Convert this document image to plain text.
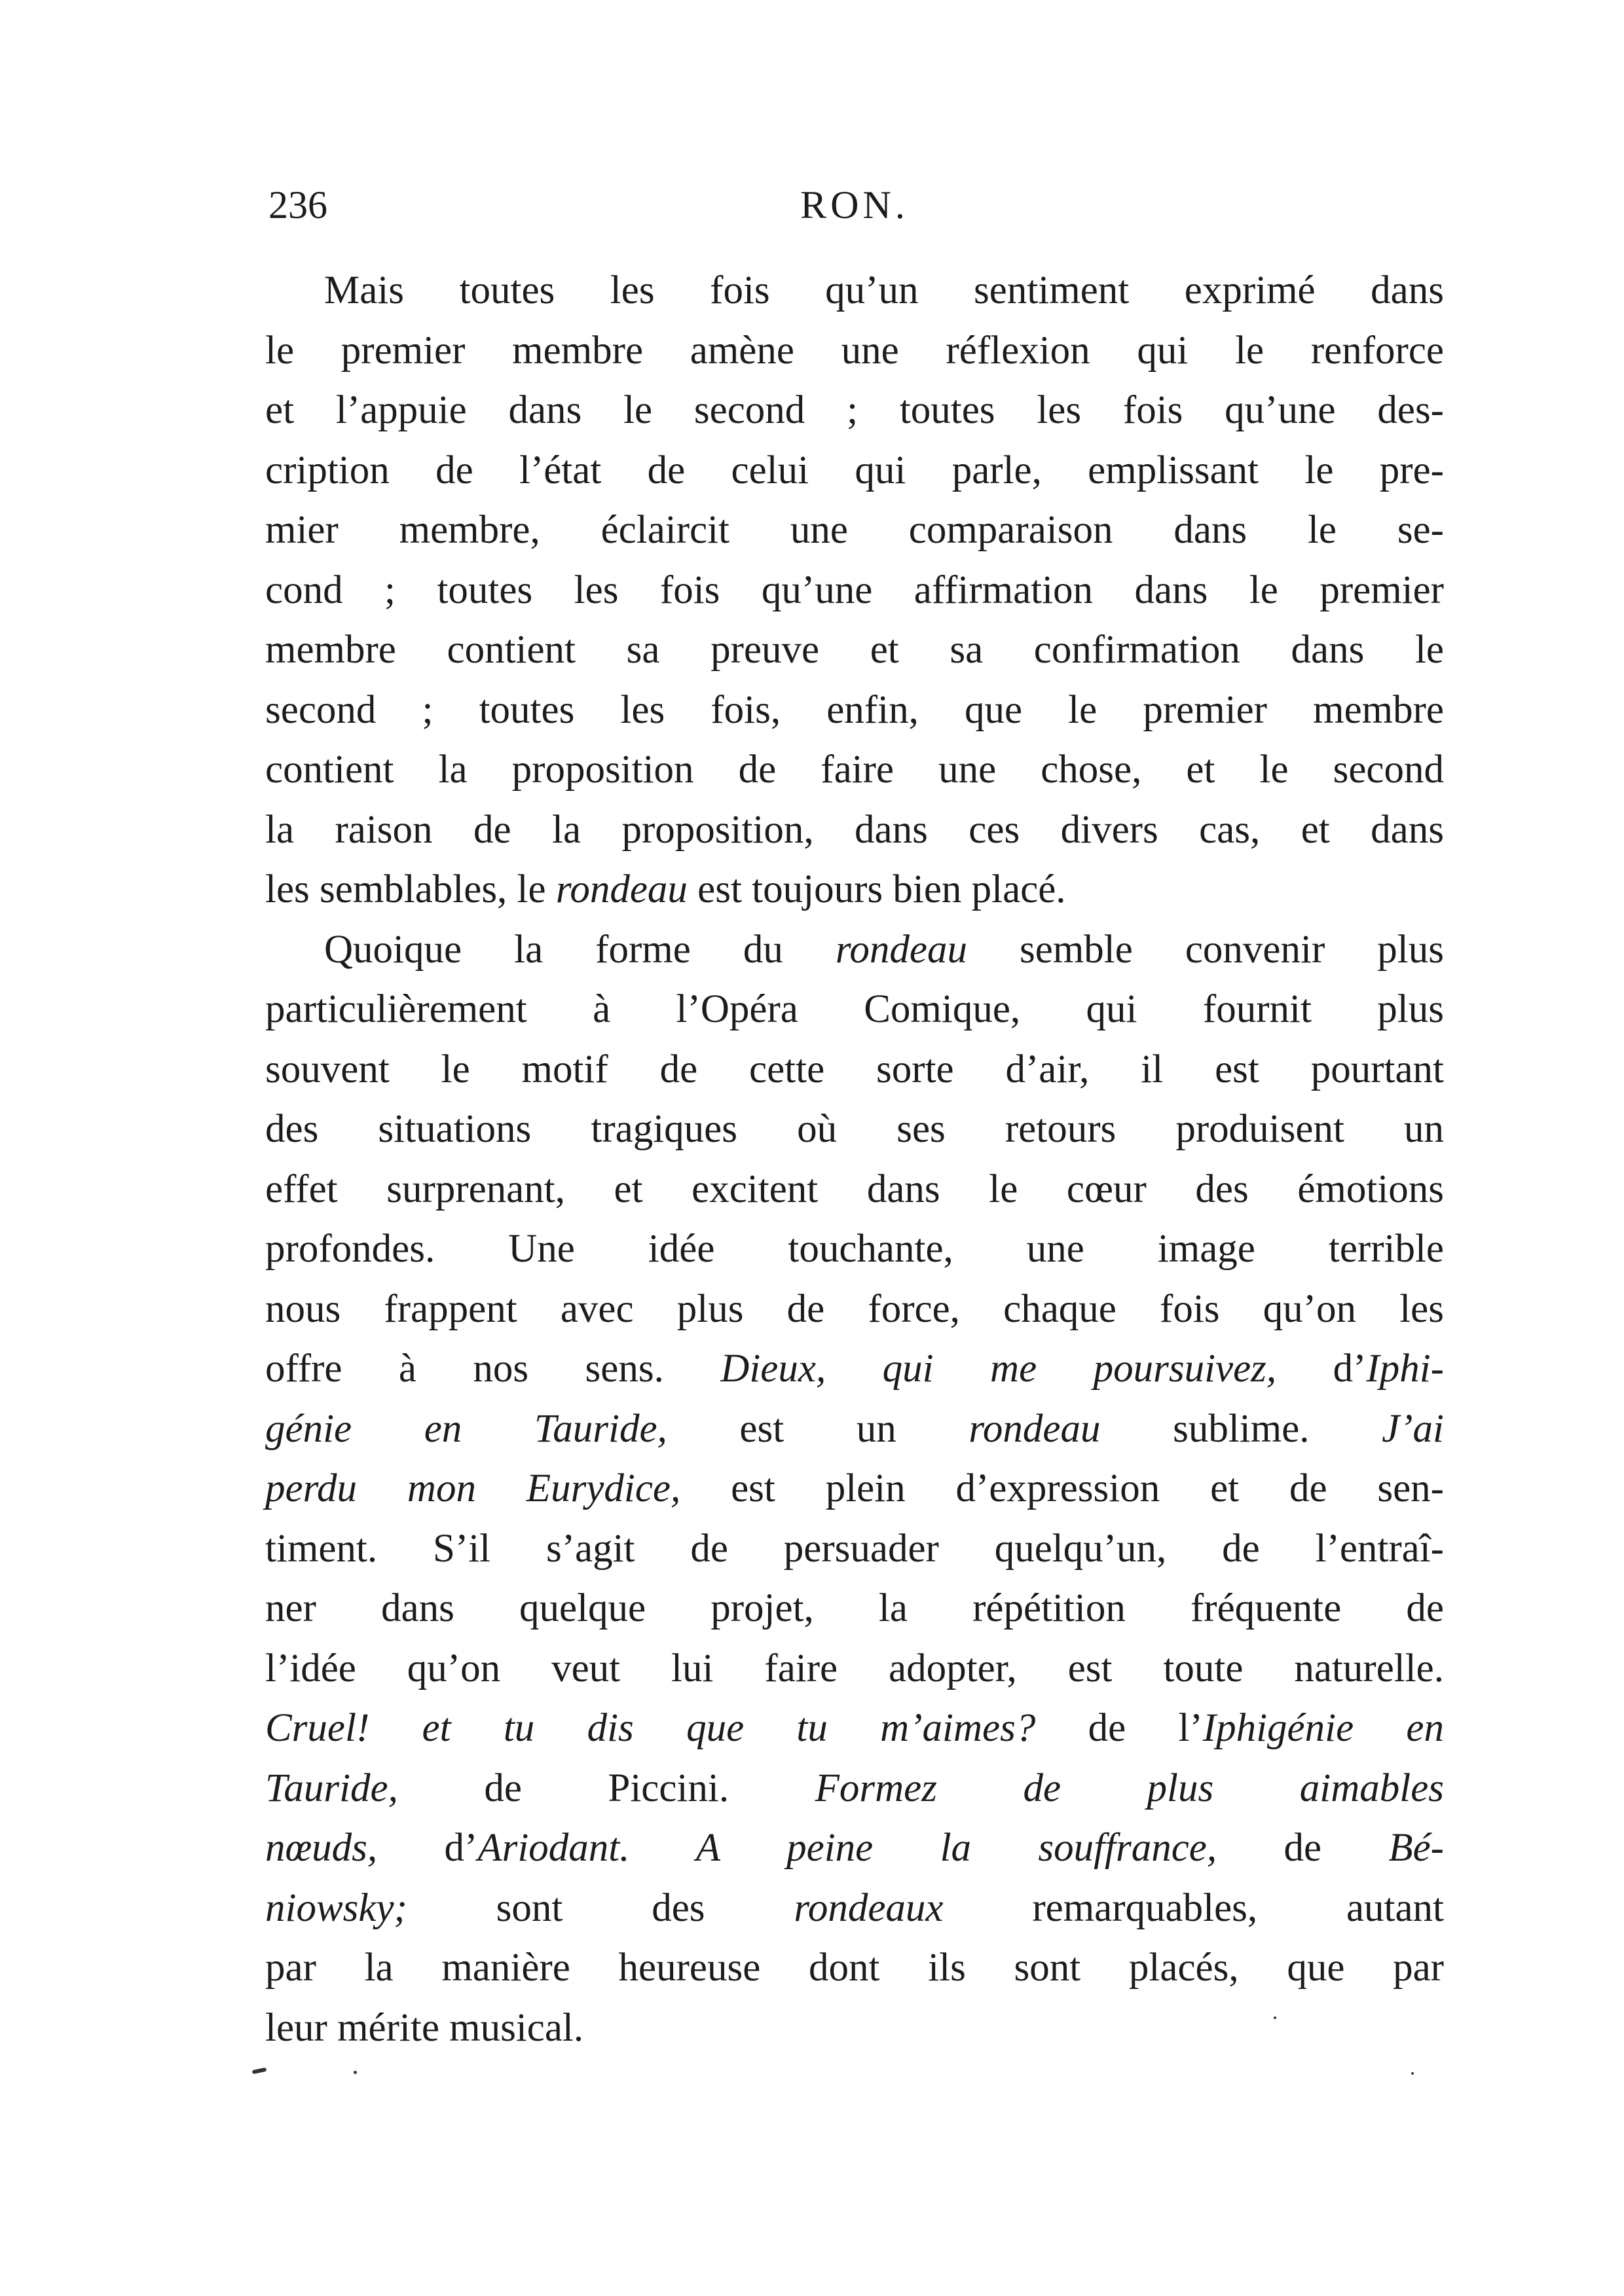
236	RON.
Mais toutes les fois qu’un sentiment exprimé dans
le premier membre amène une réflexion qui le renforce
et l’appuie dans le second ; toutes les fois qu’une des-
cription de l’état de celui qui parle, emplissant le pre-
mier membre, éclaircit une comparaison dans le se-
cond ; toutes les fois qu’une affirmation dans le premier
membre contient sa preuve et sa confirmation dans le
second ; toutes les fois, enfin, que le premier membre
contient la proposition de faire une chose, et le second
la raison de la proposition, dans ces divers cas, et dans
les semblables, le rondeau est toujours bien placé.
Quoique la forme du rondeau semble convenir plus
particulièrement à l’Opéra Comique, qui fournit plus
souvent le motif de cette sorte d’air, il est pourtant
des situations tragiques où ses retours produisent un
effet surprenant, et excitent dans le cœur des émotions
profondes. Une idée touchante, une image terrible
nous frappent avec plus de force, chaque fois qu’on les
offre à nos sens. Dieux, qui me poursuivez, d’Iphi-
génie en Tauride, est un rondeau sublime. J’ai
perdu mon Eurydice, est plein d’expression et de sen-
timent. S’il s’agit de persuader quelqu’un, de l’entraî-
ner dans quelque projet, la répétition fréquente de
l’idée qu’on veut lui faire adopter, est toute naturelle.
Cruel! et tu dis que tu m’aimes? de l’Iphigénie en
Tauride, de Piccini. Formez de plus aimables
nœuds, d’Ariodant. A peine la souffrance, de Bé-
niowsky; sont des rondeaux remarquables, autant
par la manière heureuse dont ils sont placés, que par
leur mérite musical.
